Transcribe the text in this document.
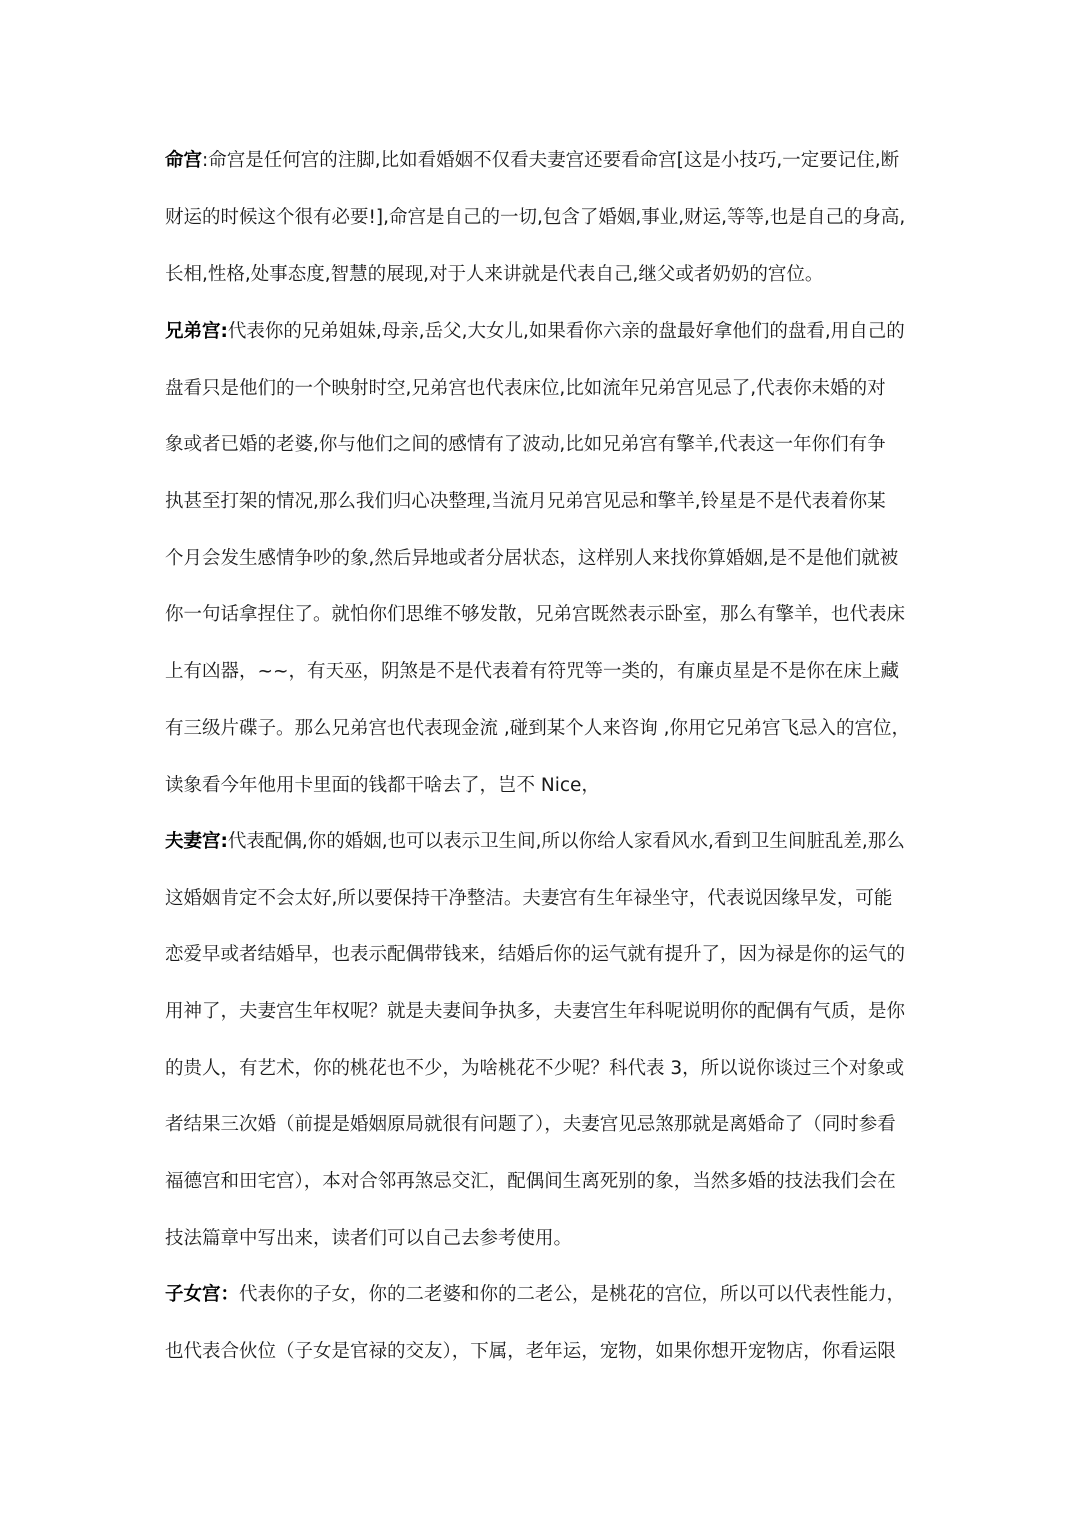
命宫:命宫是任何宫的注脚,比如看婚姻不仅看夫妻宫还要看命宫[这是小技巧,一定要记住,断
财运的时候这个很有必要!],命宫是自己的一切,包含了婚姻,事业,财运,等等,也是自己的身高,
长相,性格,处事态度,智慧的展现,对于人来讲就是代表自己,继父或者奶奶的宫位。
兄弟宫:代表你的兄弟姐妹,母亲,岳父,大女儿,如果看你六亲的盘最好拿他们的盘看,用自己的
盘看只是他们的一个映射时空,兄弟宫也代表床位,比如流年兄弟宫见忌了,代表你未婚的对
象或者已婚的老婆,你与他们之间的感情有了波动,比如兄弟宫有擎羊,代表这一年你们有争
执甚至打架的情况,那么我们归心决整理,当流月兄弟宫见忌和擎羊,铃星是不是代表着你某
个月会发生感情争吵的象,然后异地或者分居状态，这样别人来找你算婚姻,是不是他们就被
你一句话拿捏住了。就怕你们思维不够发散，兄弟宫既然表示卧室，那么有擎羊，也代表床
上有凶器，~~，有天巫，阴煞是不是代表着有符咒等一类的，有廉贞星是不是你在床上藏
有三级片碟子。那么兄弟宫也代表现金流 ,碰到某个人来咨询 ,你用它兄弟宫飞忌入的宫位，
读象看今年他用卡里面的钱都干啥去了，岂不 Nice，
夫妻宫:代表配偶,你的婚姻,也可以表示卫生间,所以你给人家看风水,看到卫生间脏乱差,那么
这婚姻肯定不会太好,所以要保持干净整洁。夫妻宫有生年禄坐守，代表说因缘早发，可能
恋爱早或者结婚早，也表示配偶带钱来，结婚后你的运气就有提升了，因为禄是你的运气的
用神了，夫妻宫生年权呢？就是夫妻间争执多，夫妻宫生年科呢说明你的配偶有气质，是你
的贵人，有艺术，你的桃花也不少，为啥桃花不少呢？科代表 3，所以说你谈过三个对象或
者结果三次婚（前提是婚姻原局就很有问题了），夫妻宫见忌煞那就是离婚命了（同时参看
福德宫和田宅宫），本对合邻再煞忌交汇，配偶间生离死别的象，当然多婚的技法我们会在
技法篇章中写出来，读者们可以自己去参考使用。
子女宫：代表你的子女，你的二老婆和你的二老公，是桃花的宫位，所以可以代表性能力，
也代表合伙位（子女是官禄的交友），下属，老年运，宠物，如果你想开宠物店，你看运限
